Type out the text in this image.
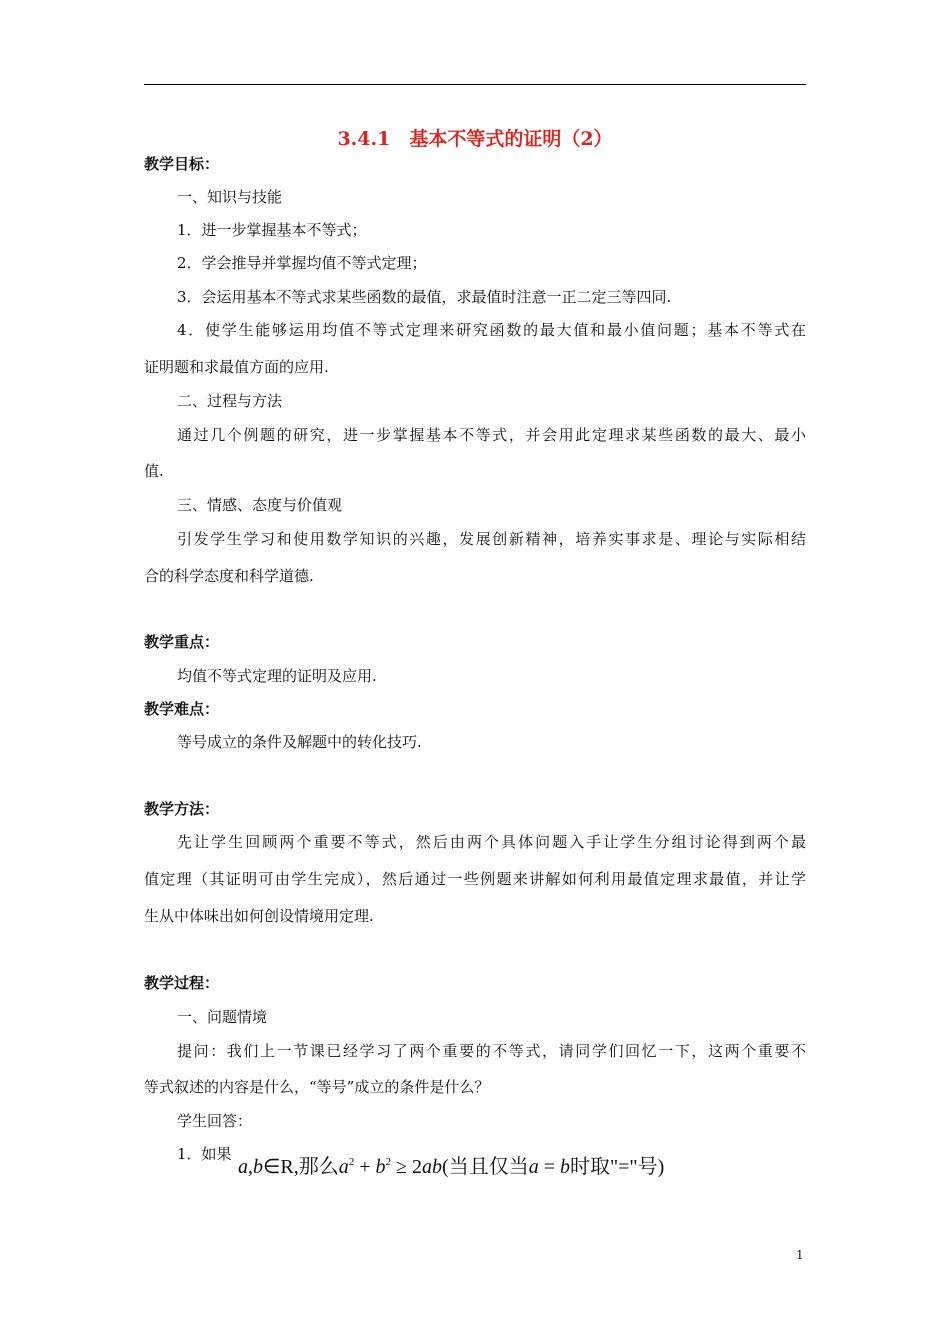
3.4.1　基本不等式的证明（2）
教学目标：
一、知识与技能
1．进一步掌握基本不等式；
2．学会推导并掌握均值不等式定理；
3．会运用基本不等式求某些函数的最值，求最值时注意一正二定三等四同.
4．使学生能够运用均值不等式定理来研究函数的最大值和最小值问题；基本不等式在
证明题和求最值方面的应用.
二、过程与方法
通过几个例题的研究，进一步掌握基本不等式，并会用此定理求某些函数的最大、最小
值.
三、情感、态度与价值观
引发学生学习和使用数学知识的兴趣，发展创新精神，培养实事求是、理论与实际相结
合的科学态度和科学道德.
教学重点：
均值不等式定理的证明及应用.
教学难点：
等号成立的条件及解题中的转化技巧.
教学方法：
先让学生回顾两个重要不等式，然后由两个具体问题入手让学生分组讨论得到两个最
值定理（其证明可由学生完成），然后通过一些例题来讲解如何利用最值定理求最值，并让学
生从中体味出如何创设情境用定理.
教学过程：
一、问题情境
提问：我们上一节课已经学习了两个重要的不等式，请同学们回忆一下，这两个重要不
等式叙述的内容是什么，“等号”成立的条件是什么？
学生回答：
1．如果
a,b∈R,那么$a^2 + b^2 \ge 2ab$(当且仅当a = b时取"="号)
1
